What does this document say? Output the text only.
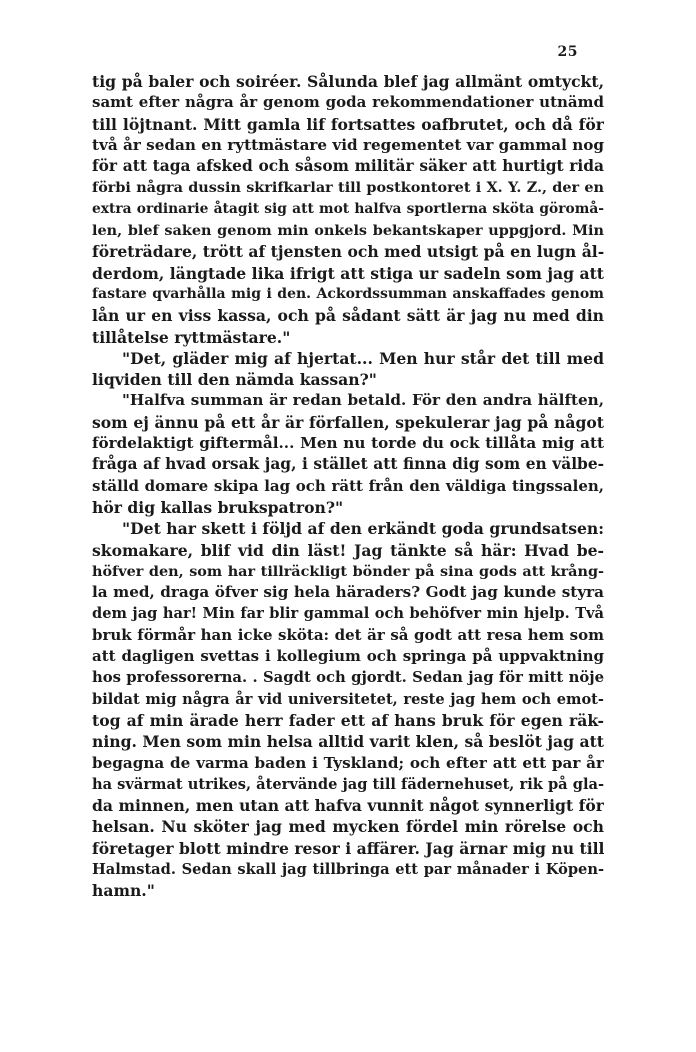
25
tig på baler och soiréer. Sålunda blef jag allmänt omtyckt,
samt efter några år genom goda rekommendationer utnämd
till löjtnant. Mitt gamla lif fortsattes oafbrutet, och då för
två år sedan en ryttmästare vid regementet var gammal nog
för att taga afsked och såsom militär säker att hurtigt rida
förbi några dussin skrifkarlar till postkontoret i X. Y. Z., der en
extra ordinarie åtagit sig att mot halfva sportlerna sköta göromå-
len, blef saken genom min onkels bekantskaper uppgjord. Min
företrädare, trött af tjensten och med utsigt på en lugn ål-
derdom, längtade lika ifrigt att stiga ur sadeln som jag att
fastare qvarhålla mig i den. Ackordssumman anskaffades genom
lån ur en viss kassa, och på sådant sätt är jag nu med din
tillåtelse ryttmästare."
"Det, gläder mig af hjertat... Men hur står det till med
liqviden till den nämda kassan?"
"Halfva summan är redan betald. För den andra hälften,
som ej ännu på ett år är förfallen, spekulerar jag på något
fördelaktigt giftermål... Men nu torde du ock tillåta mig att
fråga af hvad orsak jag, i stället att finna dig som en välbe-
ställd domare skipa lag och rätt från den väldiga tingssalen,
hör dig kallas brukspatron?"
"Det har skett i följd af den erkändt goda grundsatsen:
skomakare, blif vid din läst! Jag tänkte så här: Hvad be-
höfver den, som har tillräckligt bönder på sina gods att krång-
la med, draga öfver sig hela häraders? Godt jag kunde styra
dem jag har! Min far blir gammal och behöfver min hjelp. Två
bruk förmår han icke sköta: det är så godt att resa hem som
att dagligen svettas i kollegium och springa på uppvaktning
hos professorerna. . Sagdt och gjordt. Sedan jag för mitt nöje
bildat mig några år vid universitetet, reste jag hem och emot-
tog af min ärade herr fader ett af hans bruk för egen räk-
ning. Men som min helsa alltid varit klen, så beslöt jag att
begagna de varma baden i Tyskland; och efter att ett par år
ha svärmat utrikes, återvände jag till fädernehuset, rik på gla-
da minnen, men utan att hafva vunnit något synnerligt för
helsan. Nu sköter jag med mycken fördel min rörelse och
företager blott mindre resor i affärer. Jag ärnar mig nu till
Halmstad. Sedan skall jag tillbringa ett par månader i Köpen-
hamn."
